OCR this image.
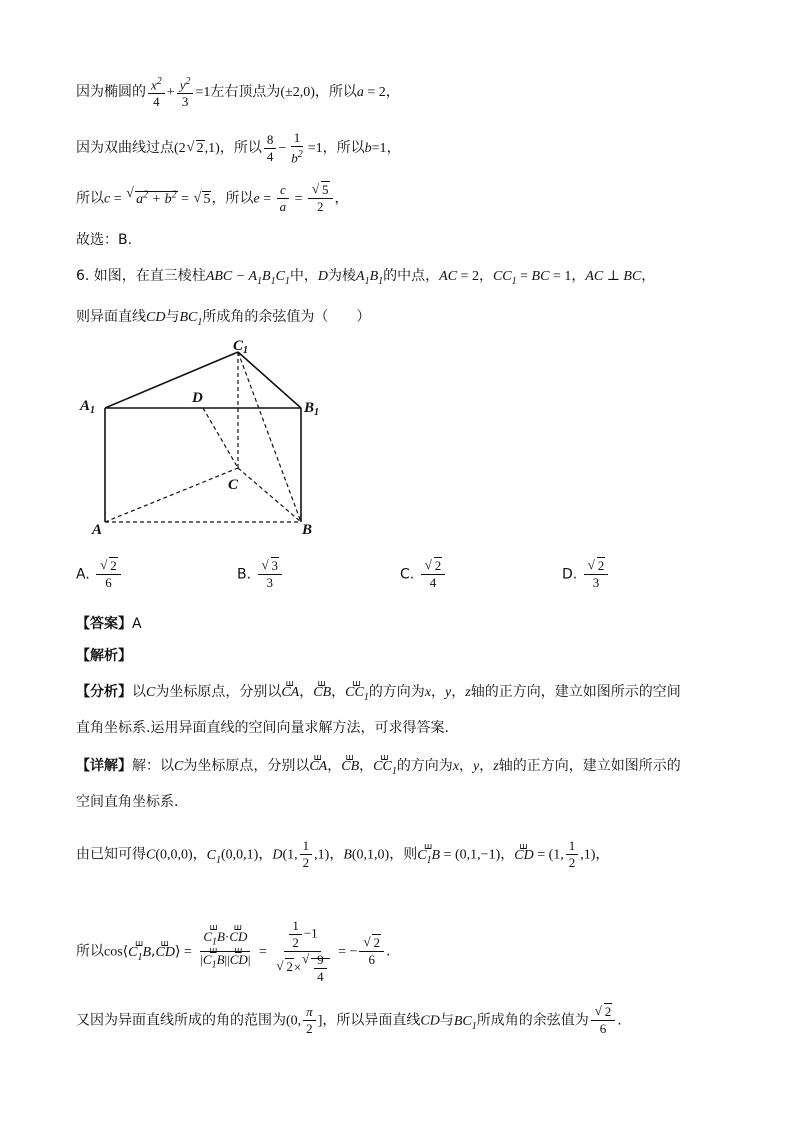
因为椭圆的 $\frac{x^2}{4} + \frac{y^2}{3} =1$左右顶点为(±2,0)，所以a = 2，
因为双曲线过点(2 √ 2,1)，所以 $\frac{8}{4} - \frac{1}{b^2} =1$，所以b=1，
所以c = √ $a^2 + b^2$ = √ 5，所以$e = \frac{c}{a}$ = √ $\frac{5}{2}$ ，
故选：B.
6. 如图，在直三棱柱ABC − $A_1B_1C_1$中，D为棱$A_1B_1$的中点，AC = 2，$CC_1$ = BC = 1，AC ⊥ BC，
则异面直线CD与$BC_1$所成角的余弦值为（　　）
$C_1$
$A_1$
D
$B_1$
C
A	B
A. √ $\frac{2}{6}$	B. √ $\frac{3}{3}$	C. √ $\frac{2}{4}$	D. √ $\frac{2}{3}$
【答案】A
【解析】
【分析】以C为坐标原点，分别以ꟺ CA，ꟺ CB，ꟺ $CC_1$的方向为x，y，z轴的正方向，建立如图所示的空间
直角坐标系.运用异面直线的空间向量求解方法，可求得答案.
【详解】解：以C为坐标原点，分别以ꟺ CA，ꟺ CB，ꟺ $CC_1$的方向为x，y，z轴的正方向，建立如图所示的
空间直角坐标系.
由已知可得C(0,0,0)，$C_1(0,0,1)$，D(1, $\frac{1}{2} ,1$)，B(0,1,0)，则ꟺ $C_1B = (0,1,-1)$，ꟺ CD = (1, $\frac{1}{2} ,1$)，
所以cos⟨ꟺ $C_1B,ꟺ$ CD⟩ = ꟺ $\frac{C_1B\cdot ꟺ CD}{|ꟺ C_1B||ꟺ CD|} = \frac{1}{2} -1$
√ 2× √ $\frac{9}{4}$ = − √ $\frac{2}{6}$ .
又因为异面直线所成的角的范围为(0, $\frac{\pi}{2}$ ]，所以异面直线CD与$BC_1$所成角的余弦值为 √ $\frac{2}{6}$ .
